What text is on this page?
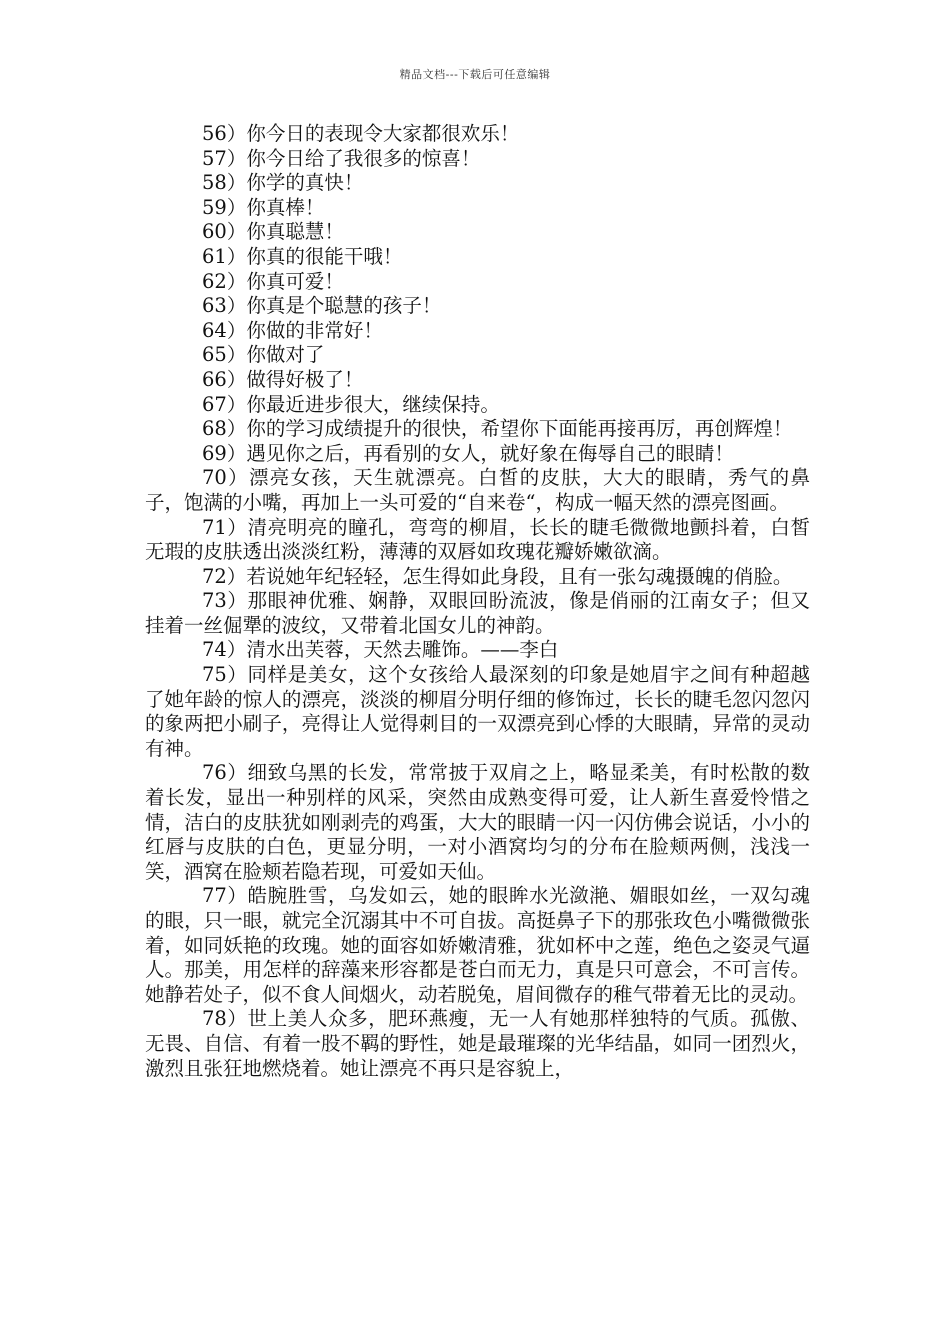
精品文档---下载后可任意编辑

56）你今日的表现令大家都很欢乐！

57）你今日给了我很多的惊喜！

58）你学的真快！

59）你真棒！

60）你真聪慧！

61）你真的很能干哦！

62）你真可爱！

63）你真是个聪慧的孩子！

64）你做的非常好！

65）你做对了

66）做得好极了！

67）你最近进步很大，继续保持。

68）你的学习成绩提升的很快，希望你下面能再接再厉，再创辉煌！

69）遇见你之后，再看别的女人，就好象在侮辱自己的眼睛！

70）漂亮女孩，天生就漂亮。白皙的皮肤，大大的眼睛，秀气的鼻子，饱满的小嘴，再加上一头可爱的“自来卷“，构成一幅天然的漂亮图画。

71）清亮明亮的瞳孔，弯弯的柳眉，长长的睫毛微微地颤抖着，白皙无瑕的皮肤透出淡淡红粉，薄薄的双唇如玫瑰花瓣娇嫩欲滴。

72）若说她年纪轻轻，怎生得如此身段，且有一张勾魂摄魄的俏脸。

73）那眼神优雅、娴静，双眼回盼流波，像是俏丽的江南女子；但又挂着一丝倔犟的波纹，又带着北国女儿的神韵。

74）清水出芙蓉，天然去雕饰。——李白

75）同样是美女，这个女孩给人最深刻的印象是她眉宇之间有种超越了她年龄的惊人的漂亮，淡淡的柳眉分明仔细的修饰过，长长的睫毛忽闪忽闪的象两把小刷子，亮得让人觉得刺目的一双漂亮到心悸的大眼睛，异常的灵动有神。

76）细致乌黑的长发，常常披于双肩之上，略显柔美，有时松散的数着长发，显出一种别样的风采，突然由成熟变得可爱，让人新生喜爱怜惜之情，洁白的皮肤犹如刚剥壳的鸡蛋，大大的眼睛一闪一闪仿佛会说话，小小的红唇与皮肤的白色，更显分明，一对小酒窝均匀的分布在脸颊两侧，浅浅一笑，酒窝在脸颊若隐若现，可爱如天仙。

77）皓腕胜雪，乌发如云，她的眼眸水光潋滟、媚眼如丝，一双勾魂的眼，只一眼，就完全沉溺其中不可自拔。高挺鼻子下的那张玫色小嘴微微张着，如同妖艳的玫瑰。她的面容如娇嫩清雅，犹如杯中之莲，绝色之姿灵气逼人。那美，用怎样的辞藻来形容都是苍白而无力，真是只可意会，不可言传。她静若处子，似不食人间烟火，动若脱兔，眉间微存的稚气带着无比的灵动。

78）世上美人众多，肥环燕瘦，无一人有她那样独特的气质。孤傲、无畏、自信、有着一股不羁的野性，她是最璀璨的光华结晶，如同一团烈火，激烈且张狂地燃烧着。她让漂亮不再只是容貌上，
